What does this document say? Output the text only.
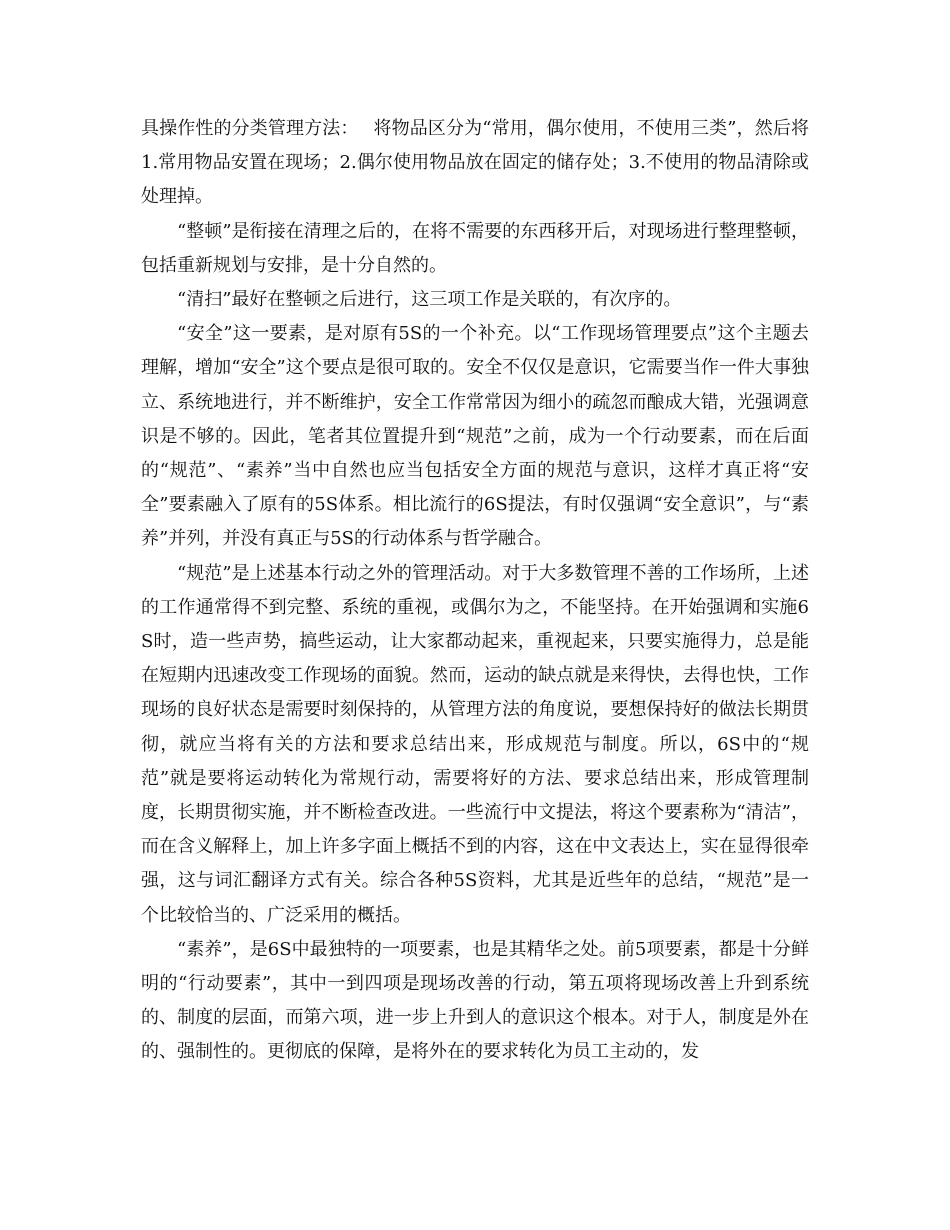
具操作性的分类管理方法：　 将物品区分为“常用，偶尔使用，不使用三类”，然后将1.常用物品安置在现场；2.偶尔使用物品放在固定的储存处；3.不使用的物品清除或处理掉。

“整顿”是衔接在清理之后的，在将不需要的东西移开后，对现场进行整理整顿，包括重新规划与安排，是十分自然的。

“清扫”最好在整顿之后进行，这三项工作是关联的，有次序的。

“安全”这一要素，是对原有5S的一个补充。以“工作现场管理要点”这个主题去理解，增加“安全”这个要点是很可取的。安全不仅仅是意识，它需要当作一件大事独立、系统地进行，并不断维护，安全工作常常因为细小的疏忽而酿成大错，光强调意识是不够的。因此，笔者其位置提升到“规范”之前，成为一个行动要素，而在后面的“规范”、“素养”当中自然也应当包括安全方面的规范与意识，这样才真正将“安全”要素融入了原有的5S体系。相比流行的6S提法，有时仅强调“安全意识”，与“素养”并列，并没有真正与5S的行动体系与哲学融合。

“规范”是上述基本行动之外的管理活动。对于大多数管理不善的工作场所，上述的工作通常得不到完整、系统的重视，或偶尔为之，不能坚持。在开始强调和实施6S时，造一些声势，搞些运动，让大家都动起来，重视起来，只要实施得力，总是能在短期内迅速改变工作现场的面貌。然而，运动的缺点就是来得快，去得也快，工作现场的良好状态是需要时刻保持的，从管理方法的角度说，要想保持好的做法长期贯彻，就应当将有关的方法和要求总结出来，形成规范与制度。所以，6S中的“规范”就是要将运动转化为常规行动，需要将好的方法、要求总结出来，形成管理制度，长期贯彻实施，并不断检查改进。一些流行中文提法，将这个要素称为“清洁”，而在含义解释上，加上许多字面上概括不到的内容，这在中文表达上，实在显得很牵强，这与词汇翻译方式有关。综合各种5S资料，尤其是近些年的总结，“规范”是一个比较恰当的、广泛采用的概括。

“素养”，是6S中最独特的一项要素，也是其精华之处。前5项要素，都是十分鲜明的“行动要素”，其中一到四项是现场改善的行动，第五项将现场改善上升到系统的、制度的层面，而第六项，进一步上升到人的意识这个根本。对于人，制度是外在的、强制性的。更彻底的保障，是将外在的要求转化为员工主动的，发
